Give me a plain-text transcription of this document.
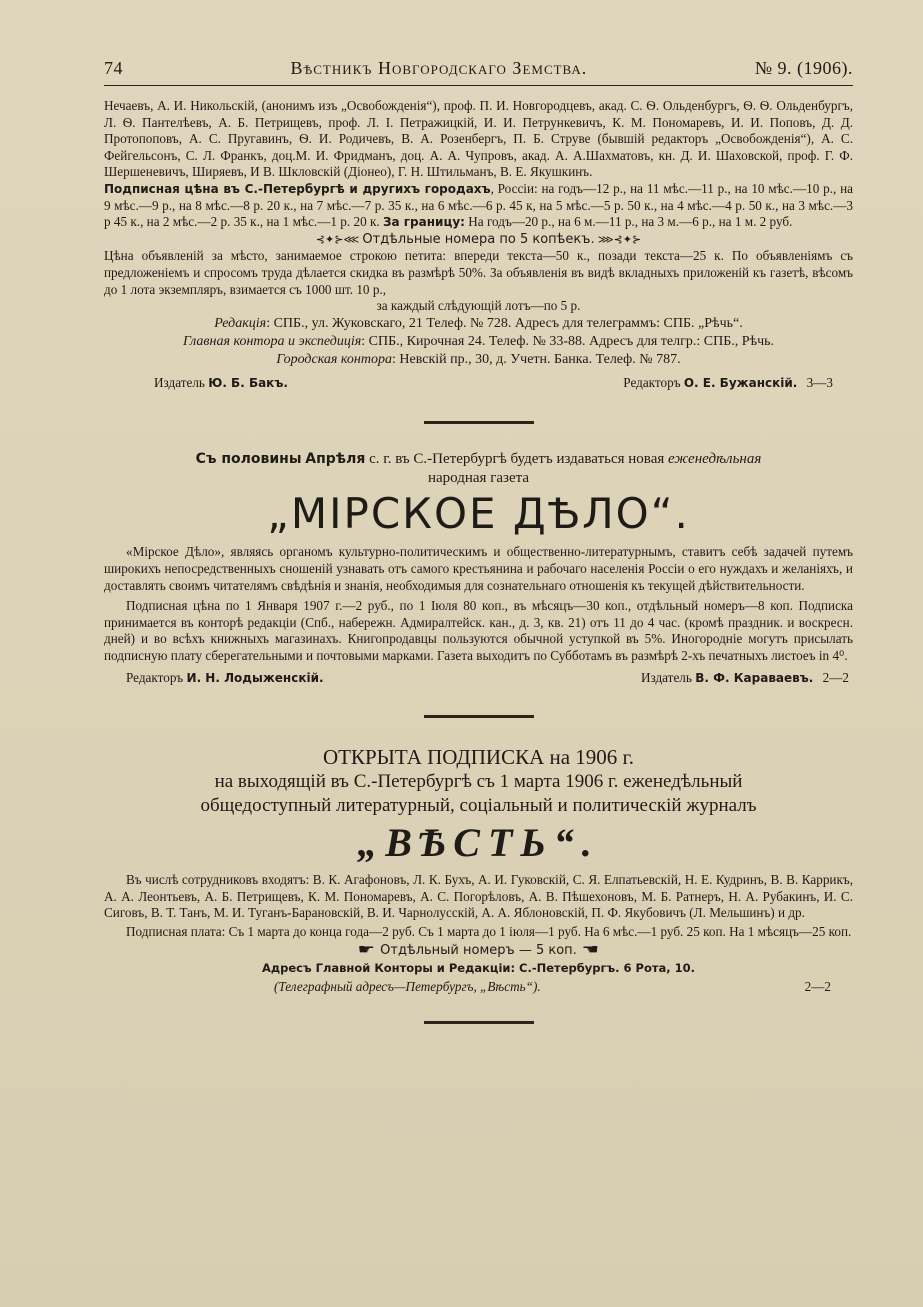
74	Вѣстникъ Новгородскаго Земства.	№ 9. (1906).

Нечаевъ, А. И. Никольскій, (анонимъ изъ „Освобожденія“), проф. П. И. Новгородцевъ, акад. С. Ѳ. Ольденбургъ, Ѳ. Ѳ. Ольденбургъ, Л. Ѳ. Пантелѣевъ, А. Б. Петрищевъ, проф. Л. І. Петражицкій, И. И. Петрункевичъ, К. М. Пономаревъ, И. И. Поповъ, Д. Д. Протопоповъ, А. С. Пругавинъ, Ѳ. И. Родичевъ, В. А. Розенбергъ, П. Б. Струве (бывшій редакторъ „Освобожденія“), А. С. Фейгельсонъ, С. Л. Франкъ, доц.М. И. Фридманъ, доц. А. А. Чупровъ, акад. А. А.Шахматовъ, кн. Д. И. Шаховской, проф. Г. Ф. Шершеневичъ, Ширяевъ, И В. Шкловскій (Діонео), Г. Н. Штильманъ, В. Е. Якушкинъ.

Подписная цѣна въ С.-Петербургѣ и другихъ городахъ, Россіи: на годъ—12 р., на 11 мѣс.—11 р., на 10 мѣс.—10 р., на 9 мѣс.—9 р., на 8 мѣс.—8 р. 20 к., на 7 мѣс.—7 р. 35 к., на 6 мѣс.—6 р. 45 к, на 5 мѣс.—5 р. 50 к., на 4 мѣс.—4 р. 50 к., на 3 мѣс.—3 р 45 к., на 2 мѣс.—2 р. 35 к., на 1 мѣс.—1 р. 20 к. За границу: На годъ—20 р., на 6 м.—11 р., на 3 м.—6 р., на 1 м. 2 руб.

⊰✦⊱⋘ Отдѣльные номера по 5 копѣекъ. ⋙⊰✦⊱

Цѣна объявленій за мѣсто, занимаемое строкою петита: впереди текста—50 к., позади текста—25 к. По объявленіямъ съ предложеніемъ и спросомъ труда дѣлается скидка въ размѣрѣ 50%. За объявленія въ видѣ вкладныхъ приложеній къ газетѣ, вѣсомъ до 1 лота экземпляръ, взимается съ 1000 шт. 10 р.,

за каждый слѣдующій лотъ—по 5 р.

Редакція: СПБ., ул. Жуковскаго, 21 Телеф. № 728. Адресъ для телеграммъ: СПБ. „Рѣчь“.

Главная контора и экспедиція: СПБ., Кирочная 24. Телеф. № 33-88. Адресъ для телгр.: СПБ., Рѣчь.

Городская контора: Невскій пр., 30, д. Учетн. Банка. Телеф. № 787.

Издатель Ю. Б. Бакъ.	Редакторъ О. Е. Бужанскій. 3—3

Съ половины Апрѣля с. г. въ С.-Петербургѣ будетъ издаваться новая еженедѣльная

народная газета

„МІРСКОЕ ДѢЛО“.

«Мірское Дѣло», являясь органомъ культурно-политическимъ и общественно-литературнымъ, ставитъ себѣ задачей путемъ широкихъ непосредственныхъ сношеній узнавать отъ самого крестьянина и рабочаго населенія Россіи о его нуждахъ и желаніяхъ, и доставлять своимъ читателямъ свѣдѣнія и знанія, необходимыя для сознательнаго отношенія къ текущей дѣйствительности.

Подписная цѣна по 1 Января 1907 г.—2 руб., по 1 Іюля 80 коп., въ мѣсяцъ—30 коп., отдѣльный номеръ—8 коп. Подписка принимается въ конторѣ редакціи (Спб., набережн. Адмиралтейск. кан., д. 3, кв. 21) отъ 11 до 4 час. (кромѣ праздник. и воскресн. дней) и во всѣхъ книжныхъ магазинахъ. Книгопродавцы пользуются обычной уступкой въ 5%. Иногородніе могутъ присылать подписную плату сберегательными и почтовыми марками. Газета выходитъ по Субботамъ въ размѣрѣ 2-хъ печатныхъ листоеъ in 4⁰.

Редакторъ И. Н. Лодыженскій.	Издатель В. Ф. Караваевъ. 2—2

ОТКРЫТА ПОДПИСКА на 1906 г.

на выходящій въ С.-Петербургѣ съ 1 марта 1906 г. еженедѣльный

общедоступный литературный, соціальный и политическій журналъ

„ВѢСТЬ“.

Въ числѣ сотрудниковъ входятъ: В. К. Агафоновъ, Л. К. Бухъ, А. И. Гуковскій, С. Я. Елпатьевскій, Н. Е. Кудринъ, В. В. Каррикъ, А. А. Леонтьевъ, А. Б. Петрищевъ, К. М. Пономаревъ, А. С. Погорѣловъ, А. В. Пѣшехоновъ, М. Б. Ратнеръ, Н. А. Рубакинъ, И. С. Сиговъ, В. Т. Танъ, М. И. Туганъ-Барановскій, В. И. Чарнолусскій, А. А. Яблоновскій, П. Ф. Якубовичъ (Л. Мельшинъ) и др.

Подписная плата: Съ 1 марта до конца года—2 руб. Съ 1 марта до 1 іюля—1 руб. На 6 мѣс.—1 руб. 25 коп. На 1 мѣсяцъ—25 коп.

☛ Отдѣльный номеръ — 5 коп. ☚

Адресъ Главной Конторы и Редакціи: С.-Петербургъ. 6 Рота, 10.

(Телеграфный адресъ—Петербургъ, „Вѣсть“).	2—2
